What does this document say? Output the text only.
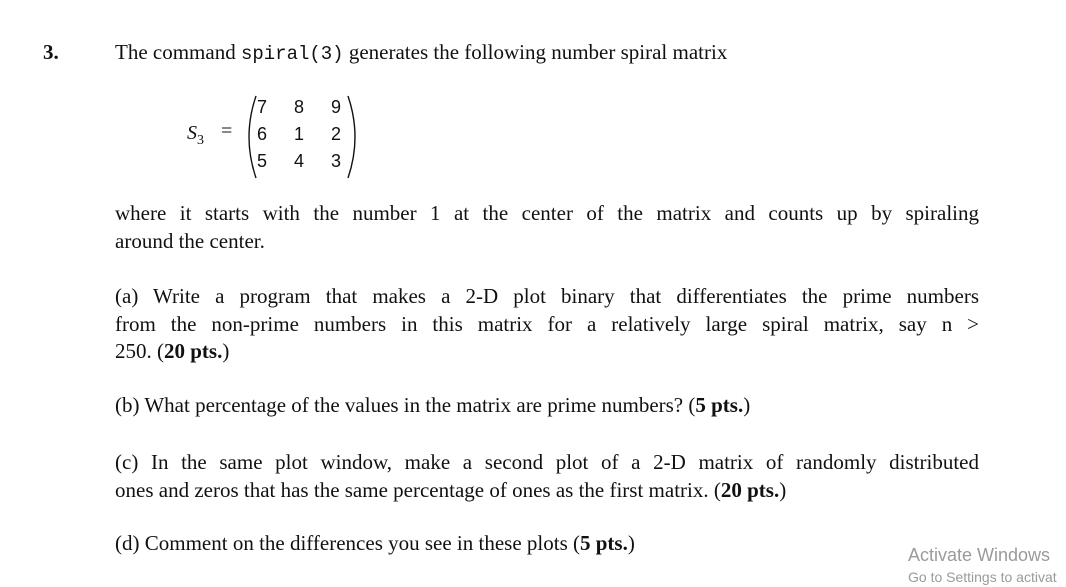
3.	The command spiral(3) generates the following number spiral matrix
$S_3$ =
7 8 9
6 1 2
5 4 3
where it starts with the number 1 at the center of the matrix and counts up by spiraling
around the center.
(a) Write a program that makes a 2-D plot binary that differentiates the prime numbers
from the non-prime numbers in this matrix for a relatively large spiral matrix, say n >
250. (20 pts.)
(b) What percentage of the values in the matrix are prime numbers? (5 pts.)
(c) In the same plot window, make a second plot of a 2-D matrix of randomly distributed
ones and zeros that has the same percentage of ones as the first matrix. (20 pts.)
(d) Comment on the differences you see in these plots (5 pts.)	Activate Windows
Go to Settings to activat
